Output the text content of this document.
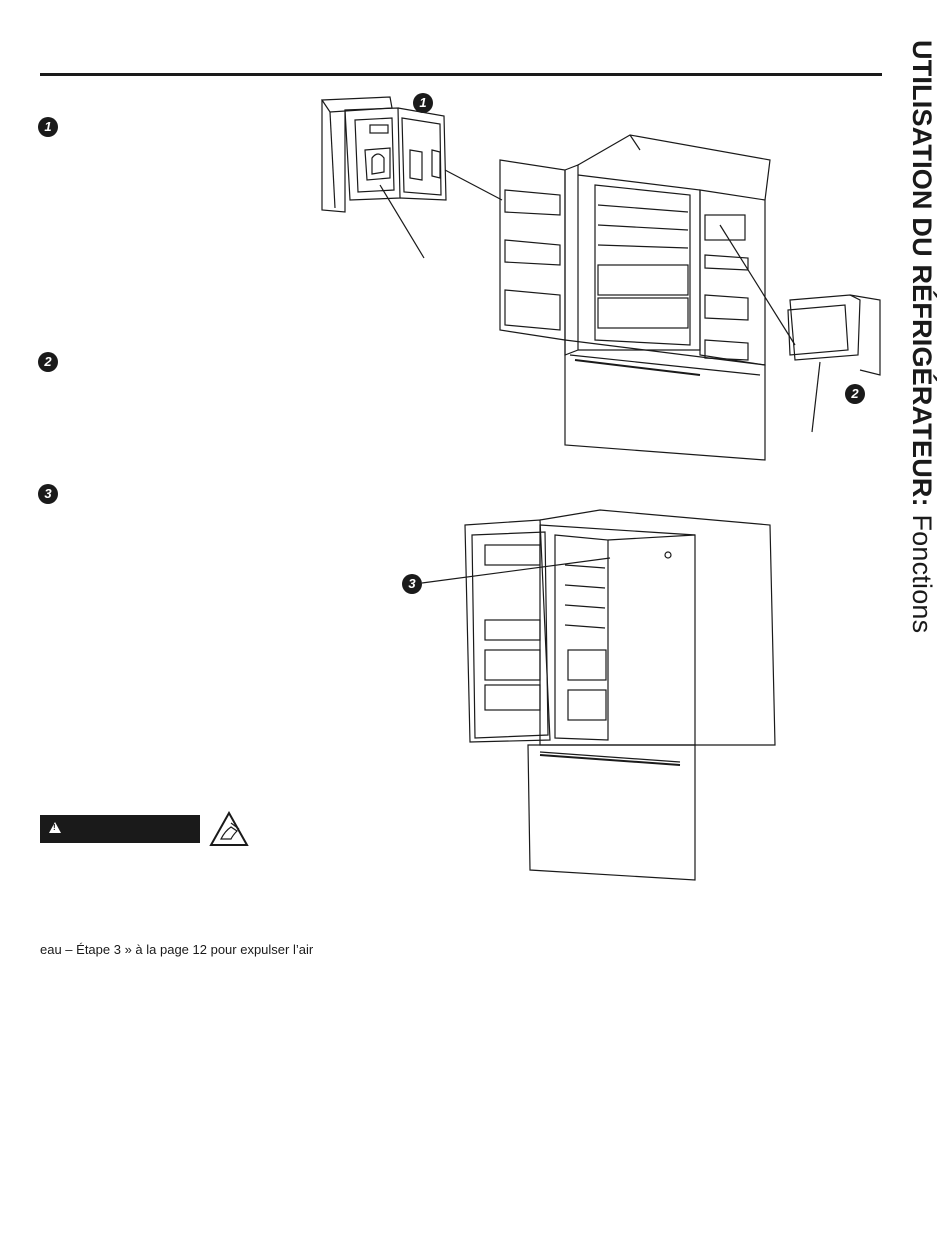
UTILISATION DU RÉFRIGÉRATEUR: Fonctions
1
2
3
1
2
3
!
eau – Étape 3 » à la page 12 pour expulser l’air
